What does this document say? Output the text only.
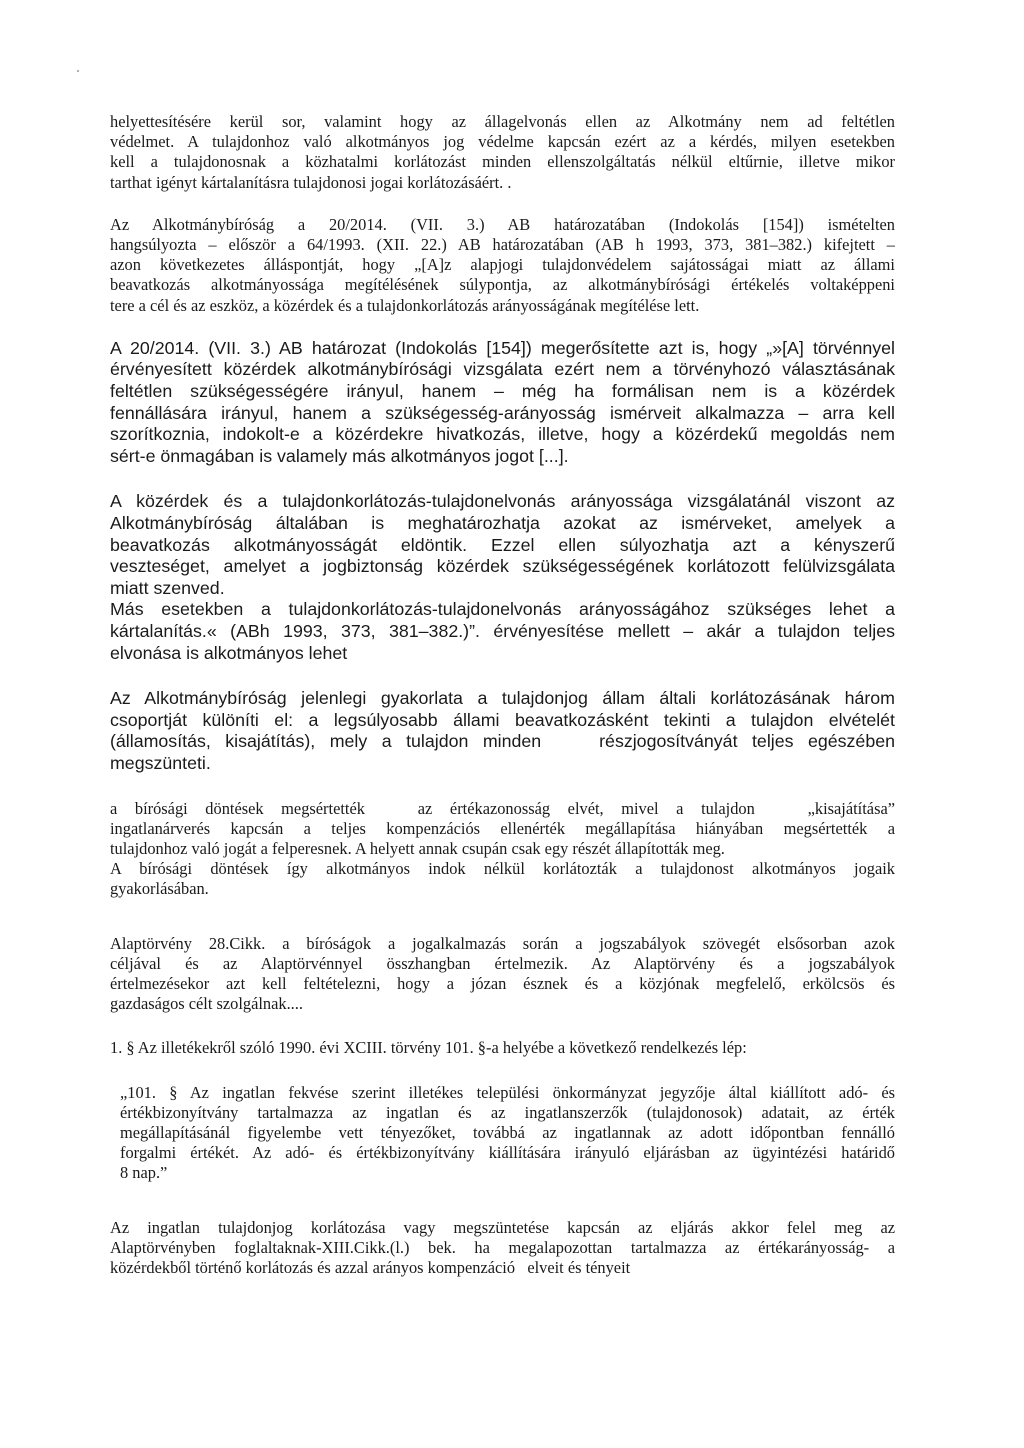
helyettesítésére kerül sor, valamint hogy az állagelvonás ellen az Alkotmány nem ad feltétlen
védelmet. A tulajdonhoz való alkotmányos jog védelme kapcsán ezért az a kérdés, milyen esetekben
kell a tulajdonosnak a közhatalmi korlátozást minden ellenszolgáltatás nélkül eltűrnie, illetve mikor
tarthat igényt kártalanításra tulajdonosi jogai korlátozásáért. .

Az Alkotmánybíróság a 20/2014. (VII. 3.) AB határozatában (Indokolás [154]) ismételten
hangsúlyozta – először a 64/1993. (XII. 22.) AB határozatában (AB h 1993, 373, 381–382.) kifejtett –
azon következetes álláspontját, hogy „[A]z alapjogi tulajdonvédelem sajátosságai miatt az állami
beavatkozás alkotmányossága megítélésének súlypontja, az alkotmánybírósági értékelés voltaképpeni
tere a cél és az eszköz, a közérdek és a tulajdonkorlátozás arányosságának megítélése lett.

A 20/2014. (VII. 3.) AB határozat (Indokolás [154]) megerősítette azt is, hogy „»[A] törvénnyel
érvényesített közérdek alkotmánybírósági vizsgálata ezért nem a törvényhozó választásának
feltétlen szükségességére irányul, hanem – még ha formálisan nem is a közérdek
fennállására irányul, hanem a szükségesség-arányosság ismérveit alkalmazza – arra kell
szorítkoznia, indokolt-e a közérdekre hivatkozás, illetve, hogy a közérdekű megoldás nem
sért-e önmagában is valamely más alkotmányos jogot [...].

A közérdek és a tulajdonkorlátozás-tulajdonelvonás arányossága vizsgálatánál viszont az
Alkotmánybíróság általában is meghatározhatja azokat az ismérveket, amelyek a
beavatkozás alkotmányosságát eldöntik. Ezzel ellen súlyozhatja azt a kényszerű
veszteséget, amelyet a jogbiztonság közérdek szükségességének korlátozott felülvizsgálata
miatt szenved.
Más esetekben a tulajdonkorlátozás-tulajdonelvonás arányosságához szükséges lehet a
kártalanítás.« (ABh 1993, 373, 381–382.)”. érvényesítése mellett – akár a tulajdon teljes
elvonása is alkotmányos lehet

Az Alkotmánybíróság jelenlegi gyakorlata a tulajdonjog állam általi korlátozásának három
csoportját különíti el: a legsúlyosabb állami beavatkozásként tekinti a tulajdon elvételét
(államosítás, kisajátítás), mely a tulajdon minden    részjogosítványát teljes egészében
megszünteti.

a bírósági döntések megsértették   az értékazonosság elvét, mivel a tulajdon   „kisajátítása”
ingatlanárverés kapcsán a teljes kompenzációs ellenérték megállapítása hiányában megsértették a
tulajdonhoz való jogát a felperesnek. A helyett annak csupán csak egy részét állapították meg.
A bírósági döntések így alkotmányos indok nélkül korlátozták a tulajdonost alkotmányos jogaik
gyakorlásában.

Alaptörvény 28.Cikk. a bíróságok a jogalkalmazás során a jogszabályok szövegét elsősorban azok
céljával és az Alaptörvénnyel összhangban értelmezik. Az Alaptörvény és a jogszabályok
értelmezésekor azt kell feltételezni, hogy a józan észnek és a közjónak megfelelő, erkölcsös és
gazdaságos célt szolgálnak....

1. § Az illetékekről szóló 1990. évi XCIII. törvény 101. §-a helyébe a következő rendelkezés lép:

„101. § Az ingatlan fekvése szerint illetékes települési önkormányzat jegyzője által kiállított adó- és
értékbizonyítvány tartalmazza az ingatlan és az ingatlanszerzők (tulajdonosok) adatait, az érték
megállapításánál figyelembe vett tényezőket, továbbá az ingatlannak az adott időpontban fennálló
forgalmi értékét. Az adó- és értékbizonyítvány kiállítására irányuló eljárásban az ügyintézési határidő
8 nap.”

Az ingatlan tulajdonjog korlátozása vagy megszüntetése kapcsán az eljárás akkor felel meg az
Alaptörvényben foglaltaknak-XIII.Cikk.(l.) bek. ha megalapozottan tartalmazza az értékarányosság- a
közérdekből történő korlátozás és azzal arányos kompenzáció   elveit és tényeit
